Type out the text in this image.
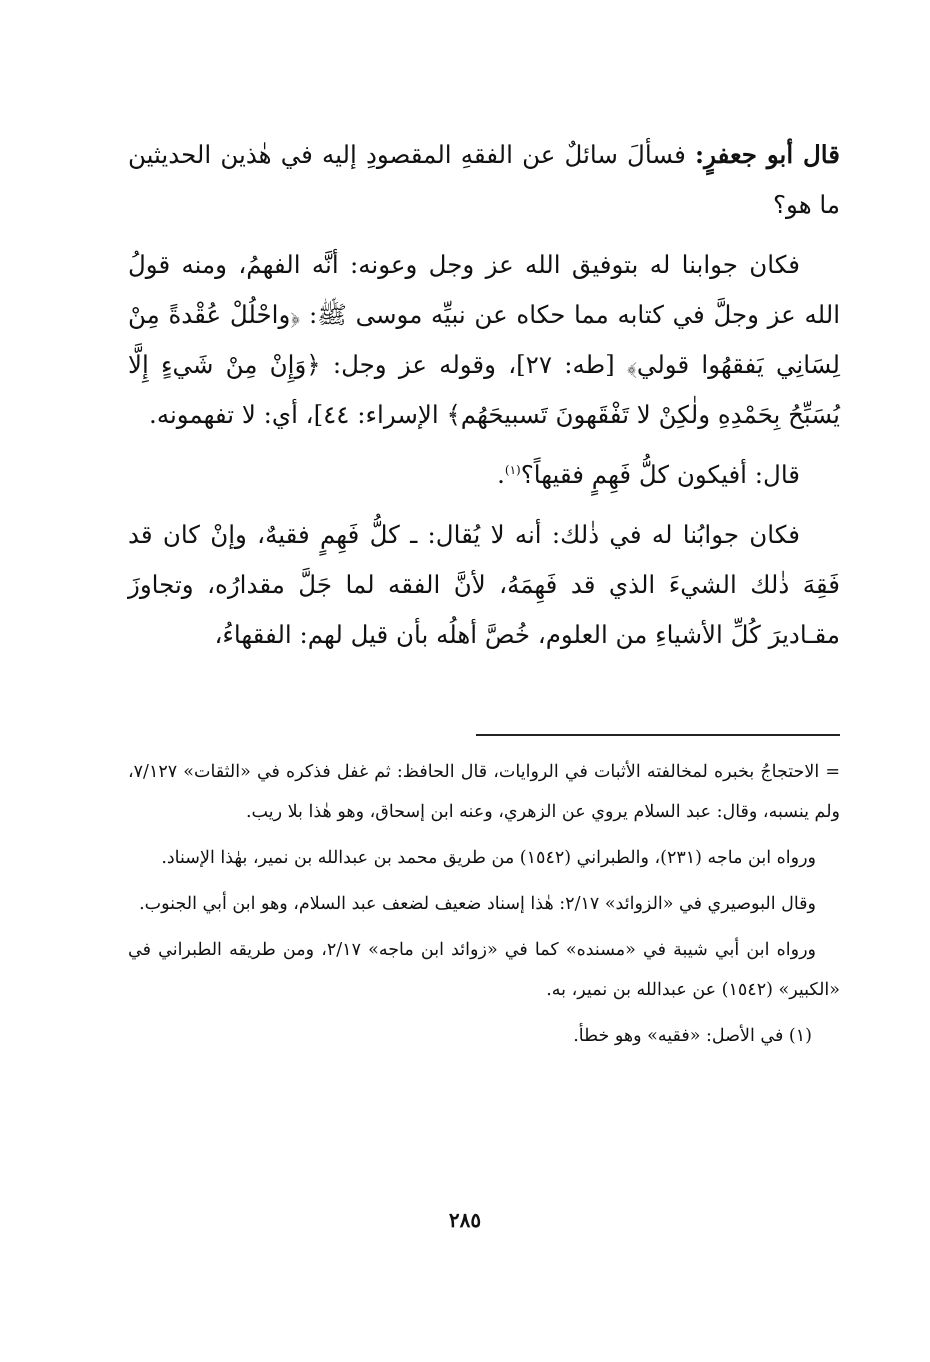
قال أبو جعفرٍ: فسألَ سائلٌ عن الفقهِ المقصودِ إليه في هٰذين الحديثين ما هو؟

فكان جوابنا له بتوفيق الله عز وجل وعونه: أنَّه الفهمُ، ومنه قولُ الله عز وجلَّ في كتابه مما حكاه عن نبيِّه موسى ﷺ: ﴿واحْلُلْ عُقْدةً مِنْ لِسَانِي يَفقهُوا قولي﴾ [طه: ٢٧]، وقوله عز وجل: ﴿وَإِنْ مِنْ شَيءٍ إِلَّا يُسَبِّحُ بِحَمْدِهِ ولٰكِنْ لا تَفْقَهونَ تَسبيحَهُم﴾ الإسراء: ٤٤]، أي: لا تفهمونه.

قال: أفيكون كلُّ فَهِمٍ فقيهاً؟$^{(١)}$.

فكان جوابُنا له في ذٰلك: أنه لا يُقال: ـ كلُّ فَهِمٍ فقيهٌ، وإنْ كان قد فَقِهَ ذٰلك الشيءَ الذي قد فَهِمَهُ، لأنَّ الفقه لما جَلَّ مقدارُه، وتجاوزَ مقـاديرَ كُلِّ الأشياءِ من العلوم، خُصَّ أهلُه بأن قيل لهم: الفقهاءُ،

= الاحتجاجُ بخبره لمخالفته الأثبات في الروايات، قال الحافظ: ثم غفل فذكره في «الثقات» ٧/١٢٧، ولم ينسبه، وقال: عبد السلام يروي عن الزهري، وعنه ابن إسحاق، وهو هٰذا بلا ريب.

ورواه ابن ماجه (٢٣١)، والطبراني (١٥٤٢) من طريق محمد بن عبدالله بن نمير، بهٰذا الإسناد.

وقال البوصيري في «الزوائد» ٢/١٧: هٰذا إسناد ضعيف لضعف عبد السلام، وهو ابن أبي الجنوب.

ورواه ابن أبي شيبة في «مسنده» كما في «زوائد ابن ماجه» ٢/١٧، ومن طريقه الطبراني في «الكبير» (١٥٤٢) عن عبدالله بن نمير، به.

(١) في الأصل: «فقيه» وهو خطأ.

٢٨٥
